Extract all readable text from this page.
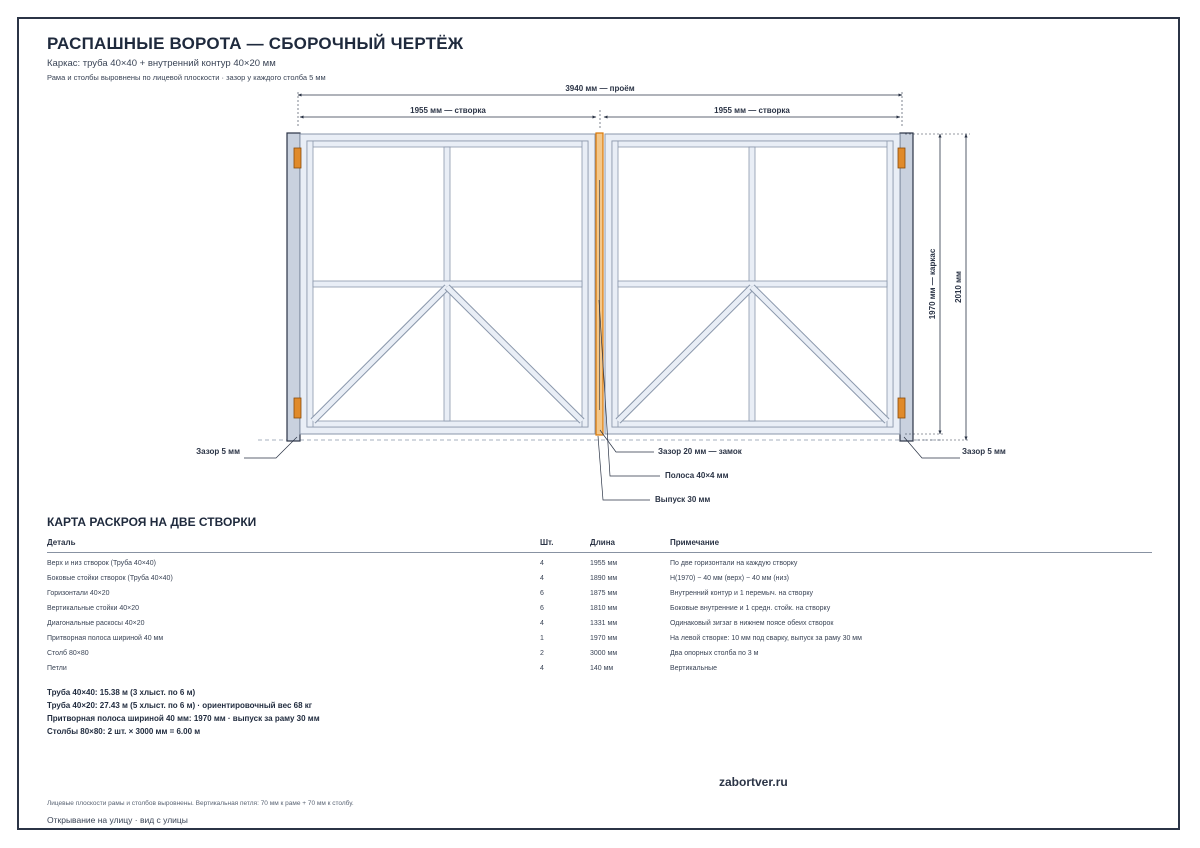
РАСПАШНЫЕ ВОРОТА — СБОРОЧНЫЙ ЧЕРТЁЖ
Каркас: труба 40×40 + внутренний контур 40×20 мм
Рама и столбы выровнены по лицевой плоскости · зазор у каждого столба 5 мм
3940 мм — проём
1955 мм — створка	1955 мм — створка
1970 мм — каркас 2010 мм
Зазор 5 мм	Зазор 5 мм
Зазор 20 мм — замок
Полоса 40×4 мм
Выпуск 30 мм
КАРТА РАСКРОЯ НА ДВЕ СТВОРКИ
Деталь	Шт.	Длина	Примечание
Верх и низ створок (Труба 40×40)	4	1955 мм	По две горизонтали на каждую створку
Боковые стойки створок (Труба 40×40)	4	1890 мм	H(1970) − 40 мм (верх) − 40 мм (низ)
Горизонтали 40×20	6	1875 мм	Внутренний контур и 1 перемыч. на створку
Вертикальные стойки 40×20	6	1810 мм	Боковые внутренние и 1 средн. стойк. на створку
Диагональные раскосы 40×20	4	1331 мм	Одинаковый зигзаг в нижнем поясе обеих створок
Притворная полоса шириной 40 мм	1	1970 мм	На левой створке: 10 мм под сварку, выпуск за раму 30 мм
Столб 80×80	2	3000 мм	Два опорных столба по 3 м
Петли	4	140 мм	Вертикальные
Труба 40×40: 15.38 м (3 хлыст. по 6 м)
Труба 40×20: 27.43 м (5 хлыст. по 6 м) · ориентировочный вес 68 кг
Притворная полоса шириной 40 мм: 1970 мм · выпуск за раму 30 мм
Столбы 80×80: 2 шт. × 3000 мм = 6.00 м
zabortver.ru
Лицевые плоскости рамы и столбов выровнены. Вертикальная петля: 70 мм к раме + 70 мм к столбу.
Открывание на улицу · вид с улицы
